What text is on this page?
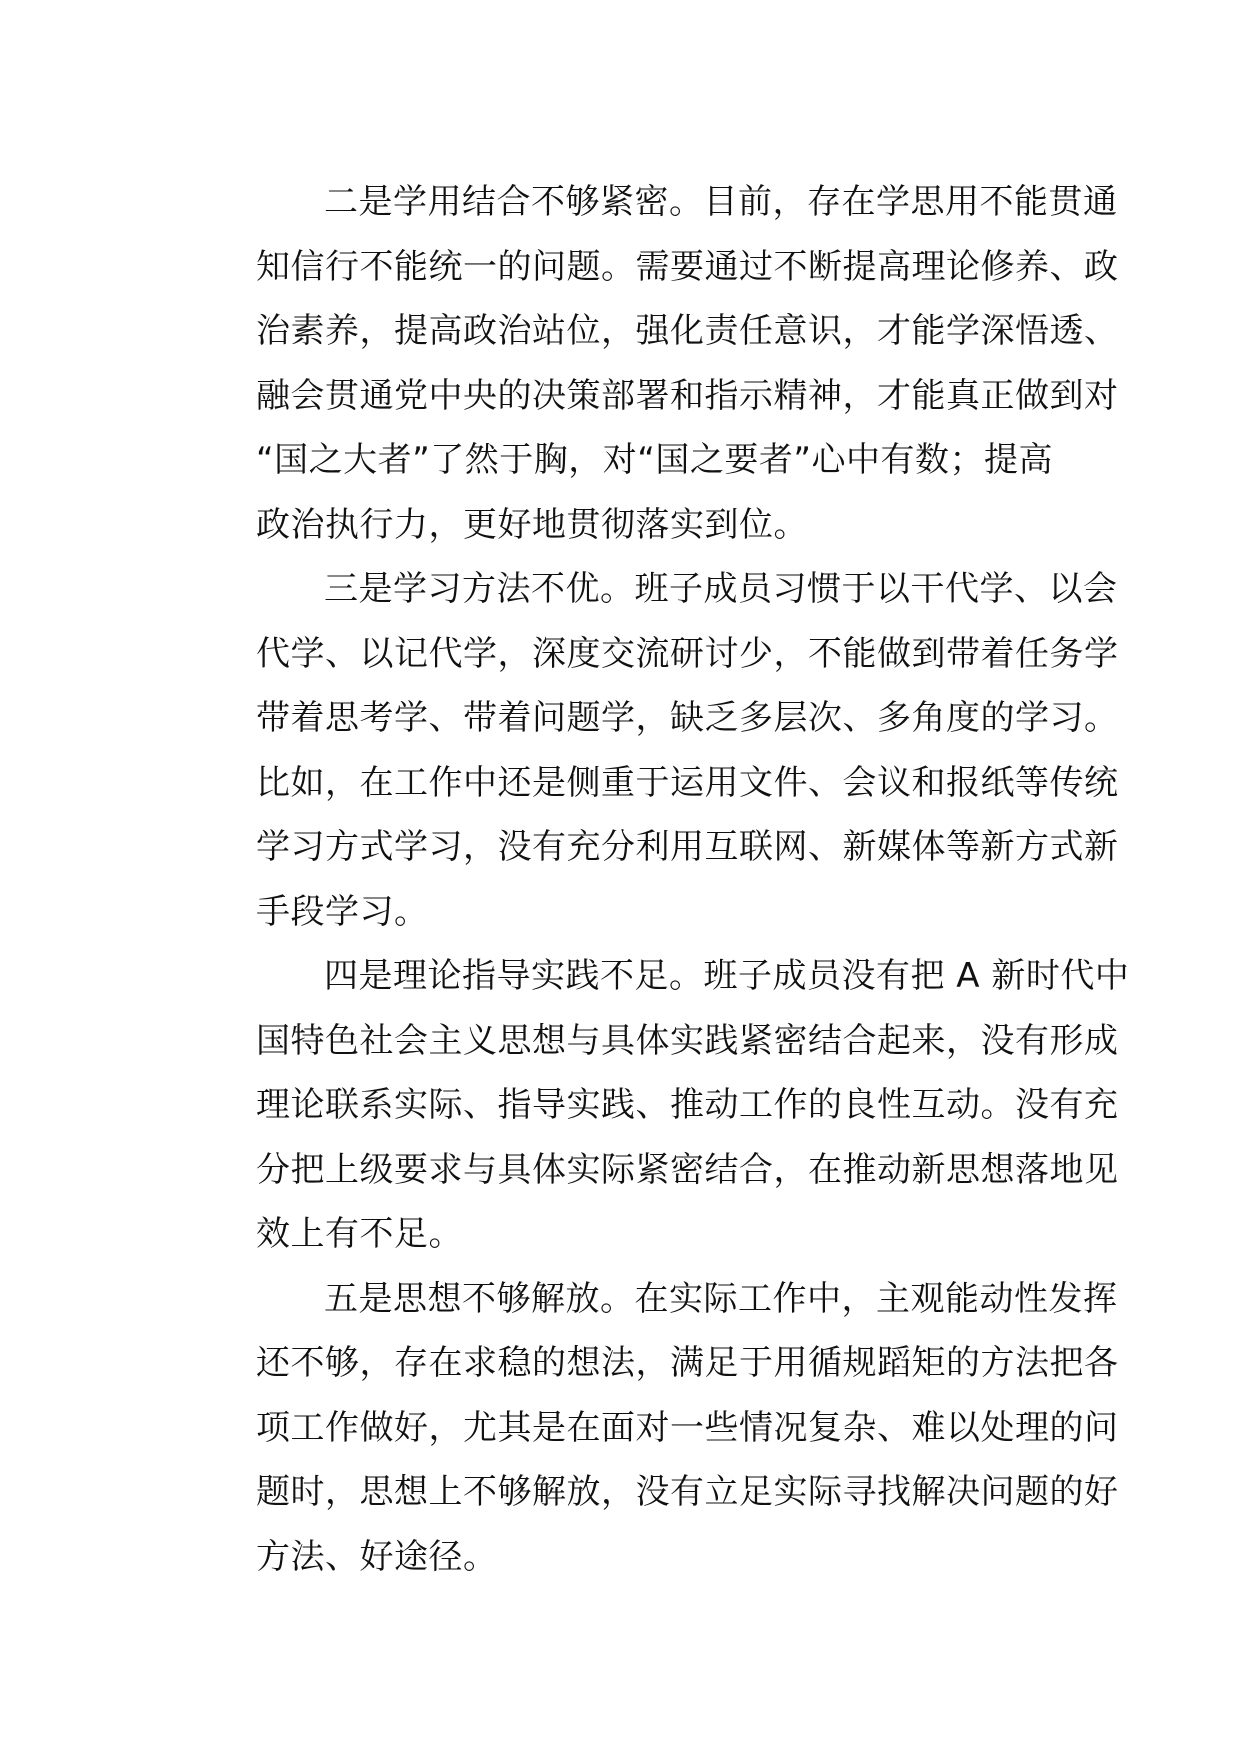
二是学用结合不够紧密。目前，存在学思用不能贯通
知信行不能统一的问题。需要通过不断提高理论修养、政
治素养，提高政治站位，强化责任意识，才能学深悟透、
融会贯通党中央的决策部署和指示精神，才能真正做到对
“国之大者”了然于胸，对“国之要者”心中有数；提高
政治执行力，更好地贯彻落实到位。
三是学习方法不优。班子成员习惯于以干代学、以会
代学、以记代学，深度交流研讨少，不能做到带着任务学
带着思考学、带着问题学，缺乏多层次、多角度的学习。
比如，在工作中还是侧重于运用文件、会议和报纸等传统
学习方式学习，没有充分利用互联网、新媒体等新方式新
手段学习。
四是理论指导实践不足。班子成员没有把 A 新时代中
国特色社会主义思想与具体实践紧密结合起来，没有形成
理论联系实际、指导实践、推动工作的良性互动。没有充
分把上级要求与具体实际紧密结合，在推动新思想落地见
效上有不足。
五是思想不够解放。在实际工作中，主观能动性发挥
还不够，存在求稳的想法，满足于用循规蹈矩的方法把各
项工作做好，尤其是在面对一些情况复杂、难以处理的问
题时，思想上不够解放，没有立足实际寻找解决问题的好
方法、好途径。
